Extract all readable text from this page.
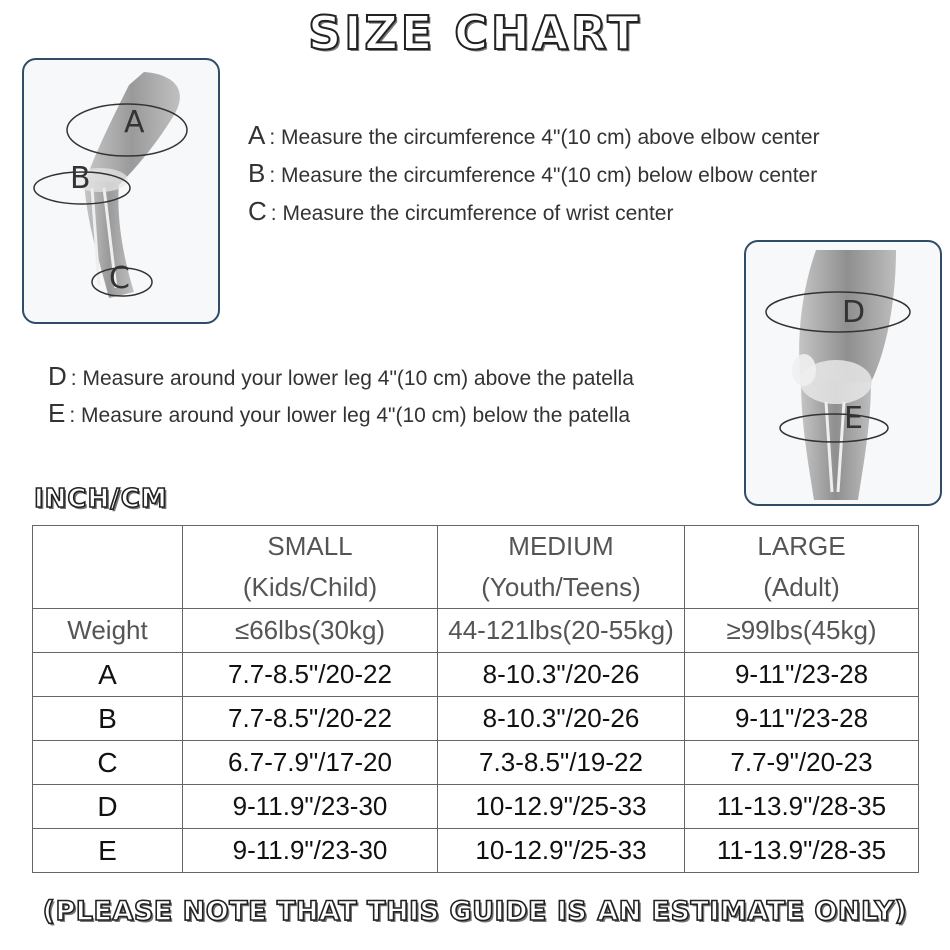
SIZE CHART
A
B
C
A : Measure the circumference 4"(10 cm) above elbow center
B : Measure the circumference 4"(10 cm) below elbow center
C : Measure the circumference of wrist center
D
E
D : Measure around your lower leg 4"(10 cm) above the patella
E : Measure around your lower leg 4"(10 cm) below the patella
INCH/CM
	SMALL	MEDIUM	LARGE
	(Kids/Child)	(Youth/Teens)	(Adult)
Weight	≤66lbs(30kg)	44-121lbs(20-55kg)	≥99lbs(45kg)
A	7.7-8.5"/20-22	8-10.3"/20-26	9-11"/23-28
B	7.7-8.5"/20-22	8-10.3"/20-26	9-11"/23-28
C	6.7-7.9"/17-20	7.3-8.5"/19-22	7.7-9"/20-23
D	9-11.9"/23-30	10-12.9"/25-33	11-13.9"/28-35
E	9-11.9"/23-30	10-12.9"/25-33	11-13.9"/28-35
(PLEASE NOTE THAT THIS GUIDE IS AN ESTIMATE ONLY)
